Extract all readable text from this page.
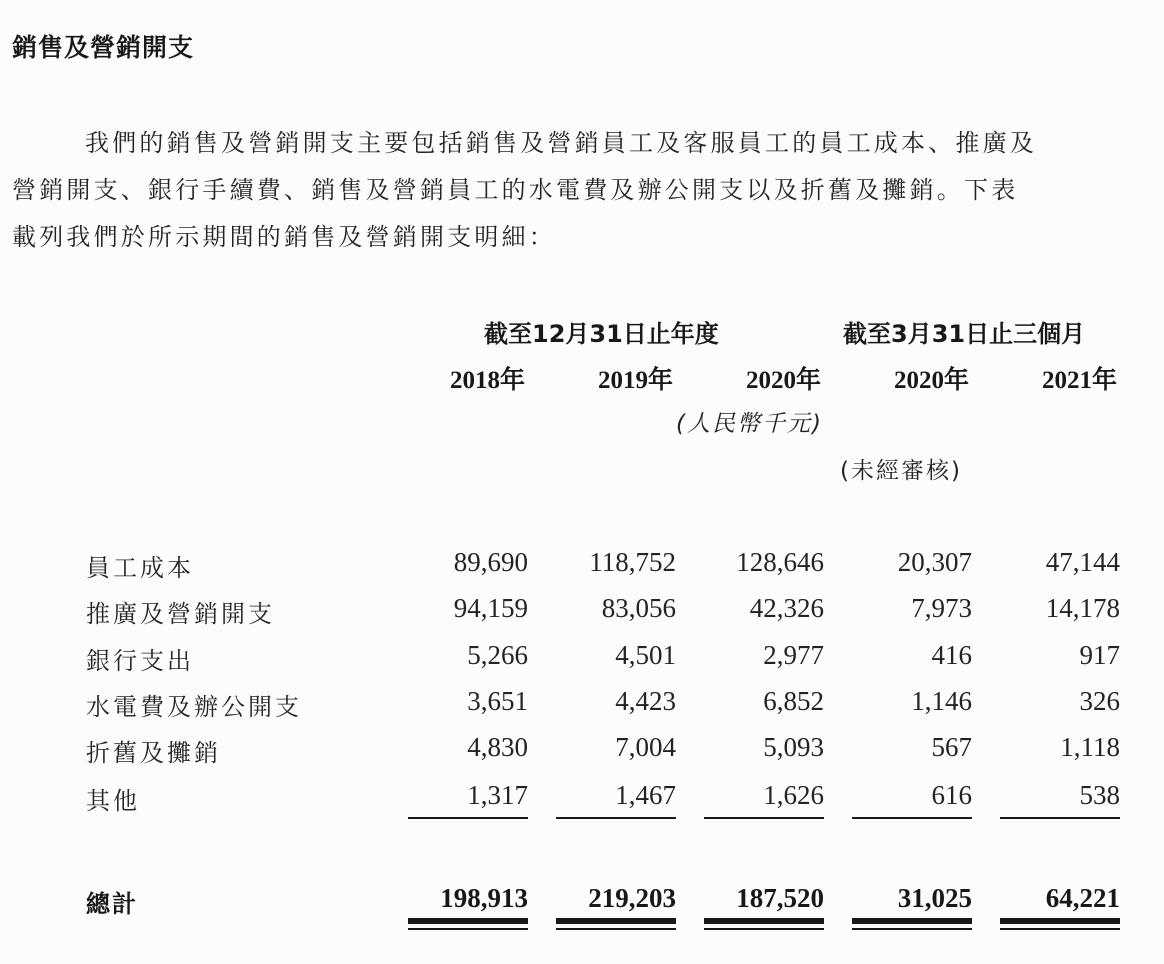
銷售及營銷開支
我們的銷售及營銷開支主要包括銷售及營銷員工及客服員工的員工成本、推廣及
營銷開支、銀行手續費、銷售及營銷員工的水電費及辦公開支以及折舊及攤銷。下表
載列我們於所示期間的銷售及營銷開支明細：
截至12月31日止年度	截至3月31日止三個月
2018年	2019年	2020年	2020年	2021年
(人民幣千元)
(未經審核)
員工成本	89,690	118,752	128,646	20,307	47,144
推廣及營銷開支	94,159	83,056	42,326	7,973	14,178
銀行支出	5,266	4,501	2,977	416	917
水電費及辦公開支	3,651	4,423	6,852	1,146	326
折舊及攤銷	4,830	7,004	5,093	567	1,118
其他	1,317	1,467	1,626	616	538
總計	198,913	219,203	187,520	31,025	64,221
